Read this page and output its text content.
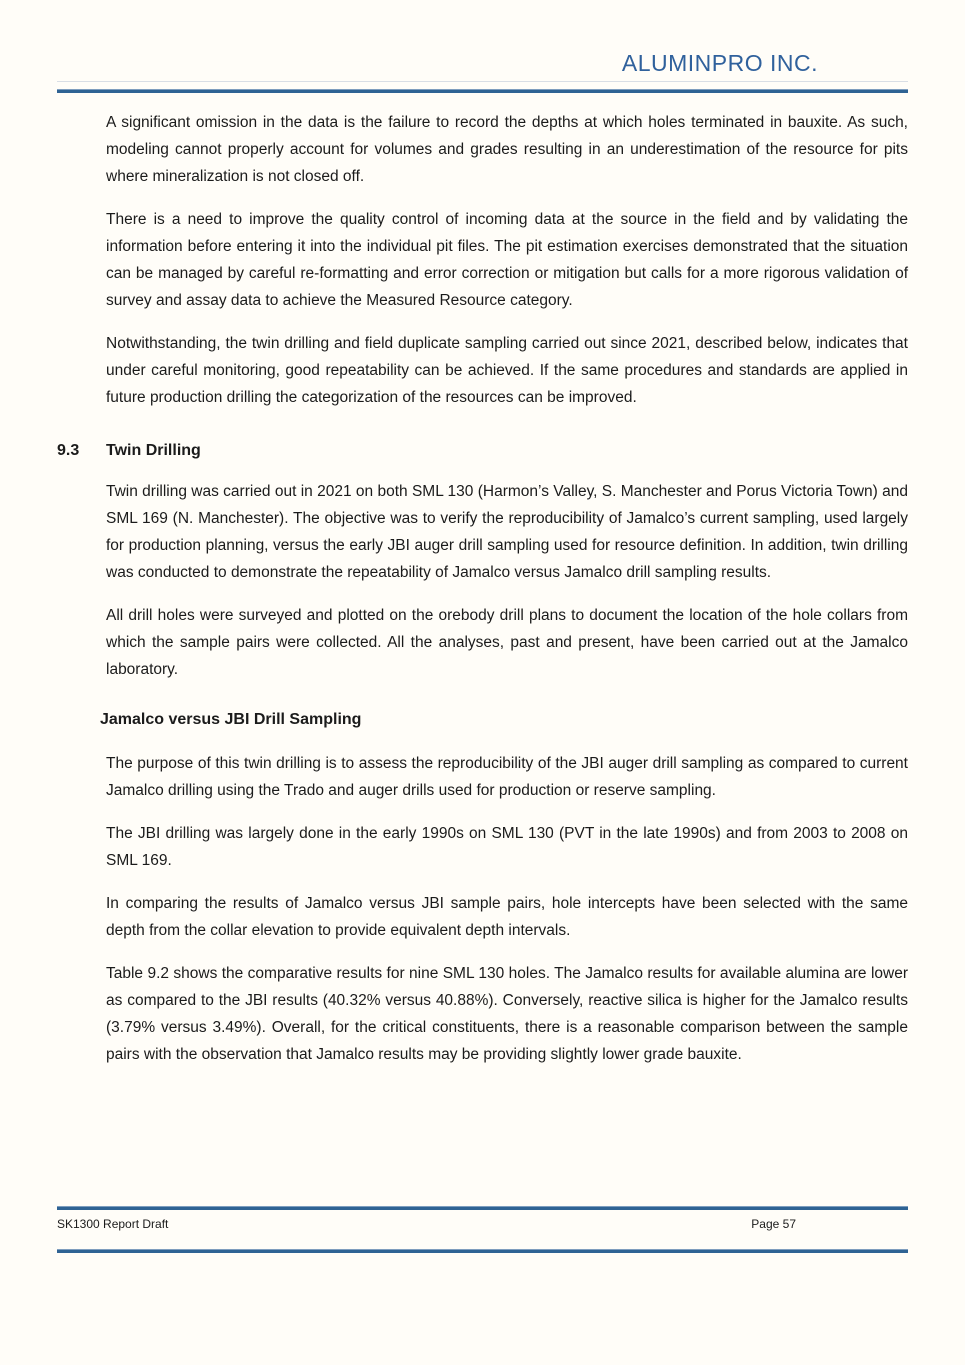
ALUMINPRO INC.

A significant omission in the data is the failure to record the depths at which holes terminated in bauxite. As such, modeling cannot properly account for volumes and grades resulting in an underestimation of the resource for pits where mineralization is not closed off.

There is a need to improve the quality control of incoming data at the source in the field and by validating the information before entering it into the individual pit files. The pit estimation exercises demonstrated that the situation can be managed by careful re-formatting and error correction or mitigation but calls for a more rigorous validation of survey and assay data to achieve the Measured Resource category.

Notwithstanding, the twin drilling and field duplicate sampling carried out since 2021, described below, indicates that under careful monitoring, good repeatability can be achieved. If the same procedures and standards are applied in future production drilling the categorization of the resources can be improved.

9.3	Twin Drilling

Twin drilling was carried out in 2021 on both SML 130 (Harmon’s Valley, S. Manchester and Porus Victoria Town) and SML 169 (N. Manchester). The objective was to verify the reproducibility of Jamalco’s current sampling, used largely for production planning, versus the early JBI auger drill sampling used for resource definition. In addition, twin drilling was conducted to demonstrate the repeatability of Jamalco versus Jamalco drill sampling results.

All drill holes were surveyed and plotted on the orebody drill plans to document the location of the hole collars from which the sample pairs were collected. All the analyses, past and present, have been carried out at the Jamalco laboratory.

Jamalco versus JBI Drill Sampling

The purpose of this twin drilling is to assess the reproducibility of the JBI auger drill sampling as compared to current Jamalco drilling using the Trado and auger drills used for production or reserve sampling.

The JBI drilling was largely done in the early 1990s on SML 130 (PVT in the late 1990s) and from 2003 to 2008 on SML 169.

In comparing the results of Jamalco versus JBI sample pairs, hole intercepts have been selected with the same depth from the collar elevation to provide equivalent depth intervals.

Table 9.2 shows the comparative results for nine SML 130 holes. The Jamalco results for available alumina are lower as compared to the JBI results (40.32% versus 40.88%). Conversely, reactive silica is higher for the Jamalco results (3.79% versus 3.49%). Overall, for the critical constituents, there is a reasonable comparison between the sample pairs with the observation that Jamalco results may be providing slightly lower grade bauxite.

SK1300 Report Draft	Page 57
